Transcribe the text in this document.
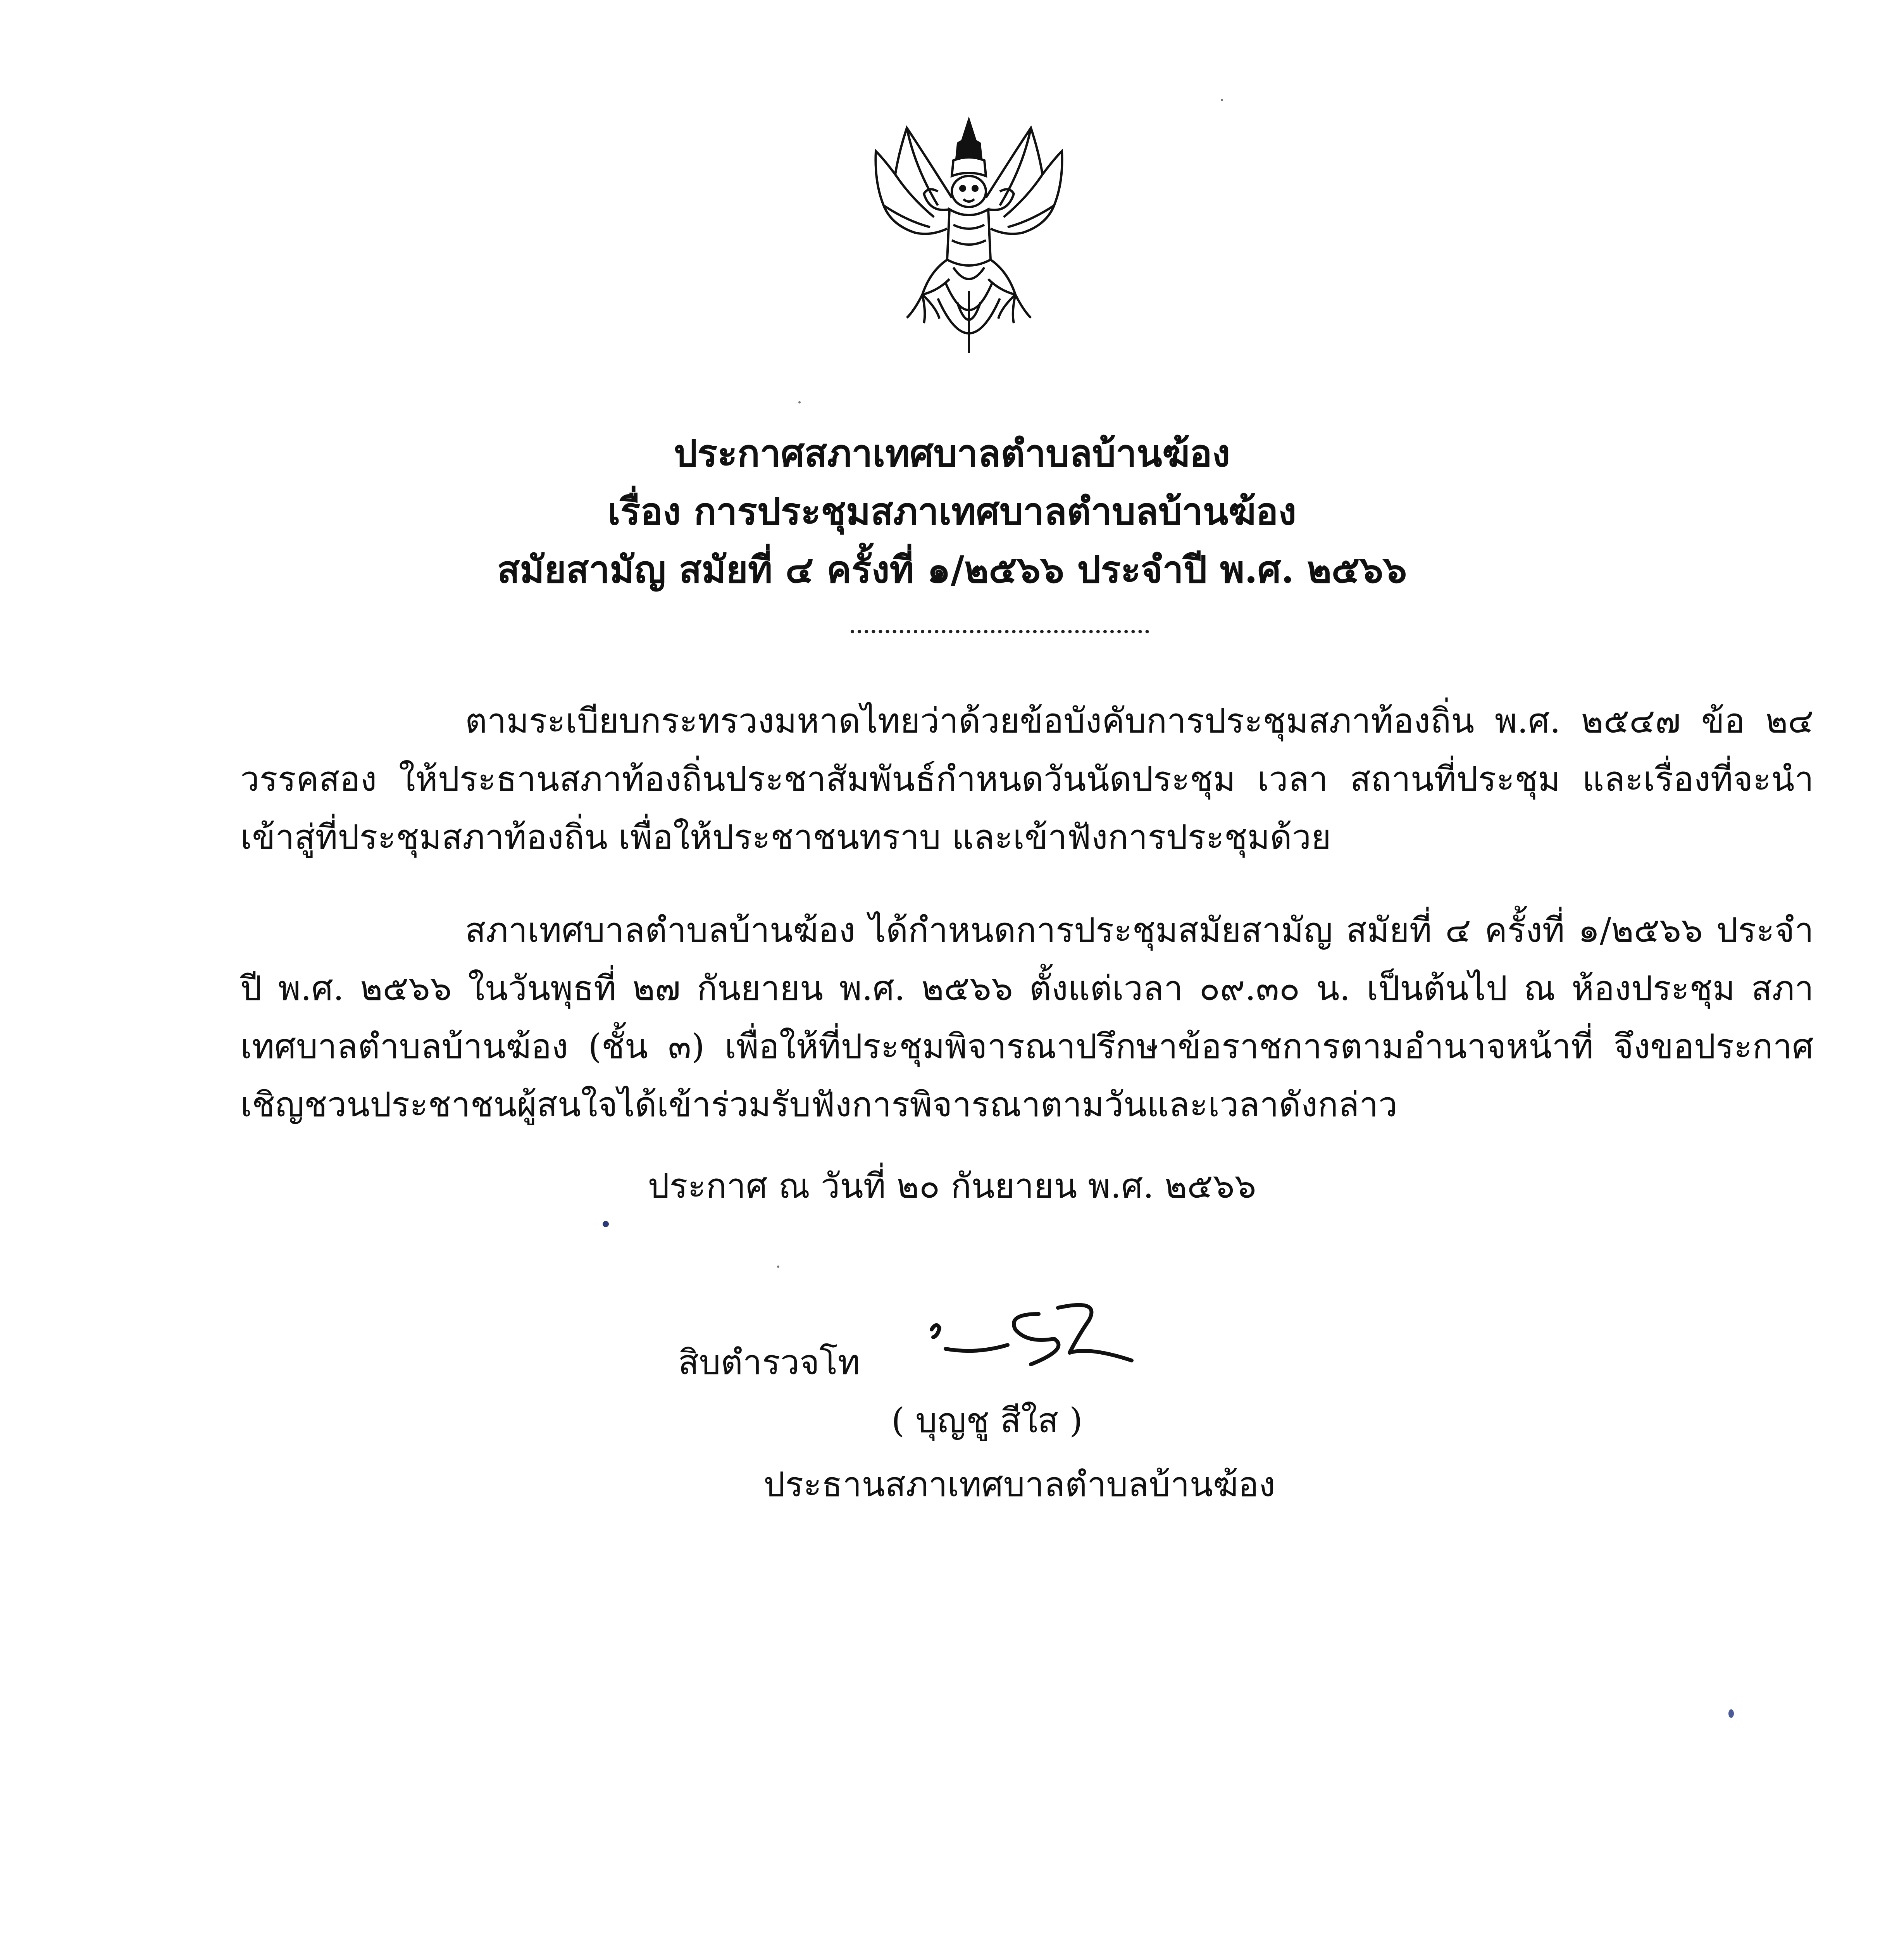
ประกาศสภาเทศบาลตำบลบ้านฆ้อง
เรื่อง การประชุมสภาเทศบาลตำบลบ้านฆ้อง
สมัยสามัญ สมัยที่ ๔ ครั้งที่ ๑/๒๕๖๖ ประจำปี พ.ศ. ๒๕๖๖
ตามระเบียบกระทรวงมหาดไทยว่าด้วยข้อบังคับการประชุมสภาท้องถิ่น พ.ศ. ๒๕๔๗ ข้อ ๒๔ วรรคสอง ให้ประธานสภาท้องถิ่นประชาสัมพันธ์กำหนดวันนัดประชุม เวลา สถานที่ประชุม และเรื่องที่จะนำเข้าสู่ที่ประชุมสภาท้องถิ่น เพื่อให้ประชาชนทราบ และเข้าฟังการประชุมด้วย
สภาเทศบาลตำบลบ้านฆ้อง ได้กำหนดการประชุมสมัยสามัญ สมัยที่ ๔ ครั้งที่ ๑/๒๕๖๖ ประจำปี พ.ศ. ๒๕๖๖ ในวันพุธที่ ๒๗ กันยายน พ.ศ. ๒๕๖๖ ตั้งแต่เวลา ๐๙.๓๐ น. เป็นต้นไป ณ ห้องประชุม สภาเทศบาลตำบลบ้านฆ้อง (ชั้น ๓) เพื่อให้ที่ประชุมพิจารณาปรึกษาข้อราชการตามอำนาจหน้าที่ จึงขอประกาศ เชิญชวนประชาชนผู้สนใจได้เข้าร่วมรับฟังการพิจารณาตามวันและเวลาดังกล่าว
ประกาศ ณ วันที่ ๒๐ กันยายน พ.ศ. ๒๕๖๖
สิบตำรวจโท
( บุญชู สีใส )
ประธานสภาเทศบาลตำบลบ้านฆ้อง
